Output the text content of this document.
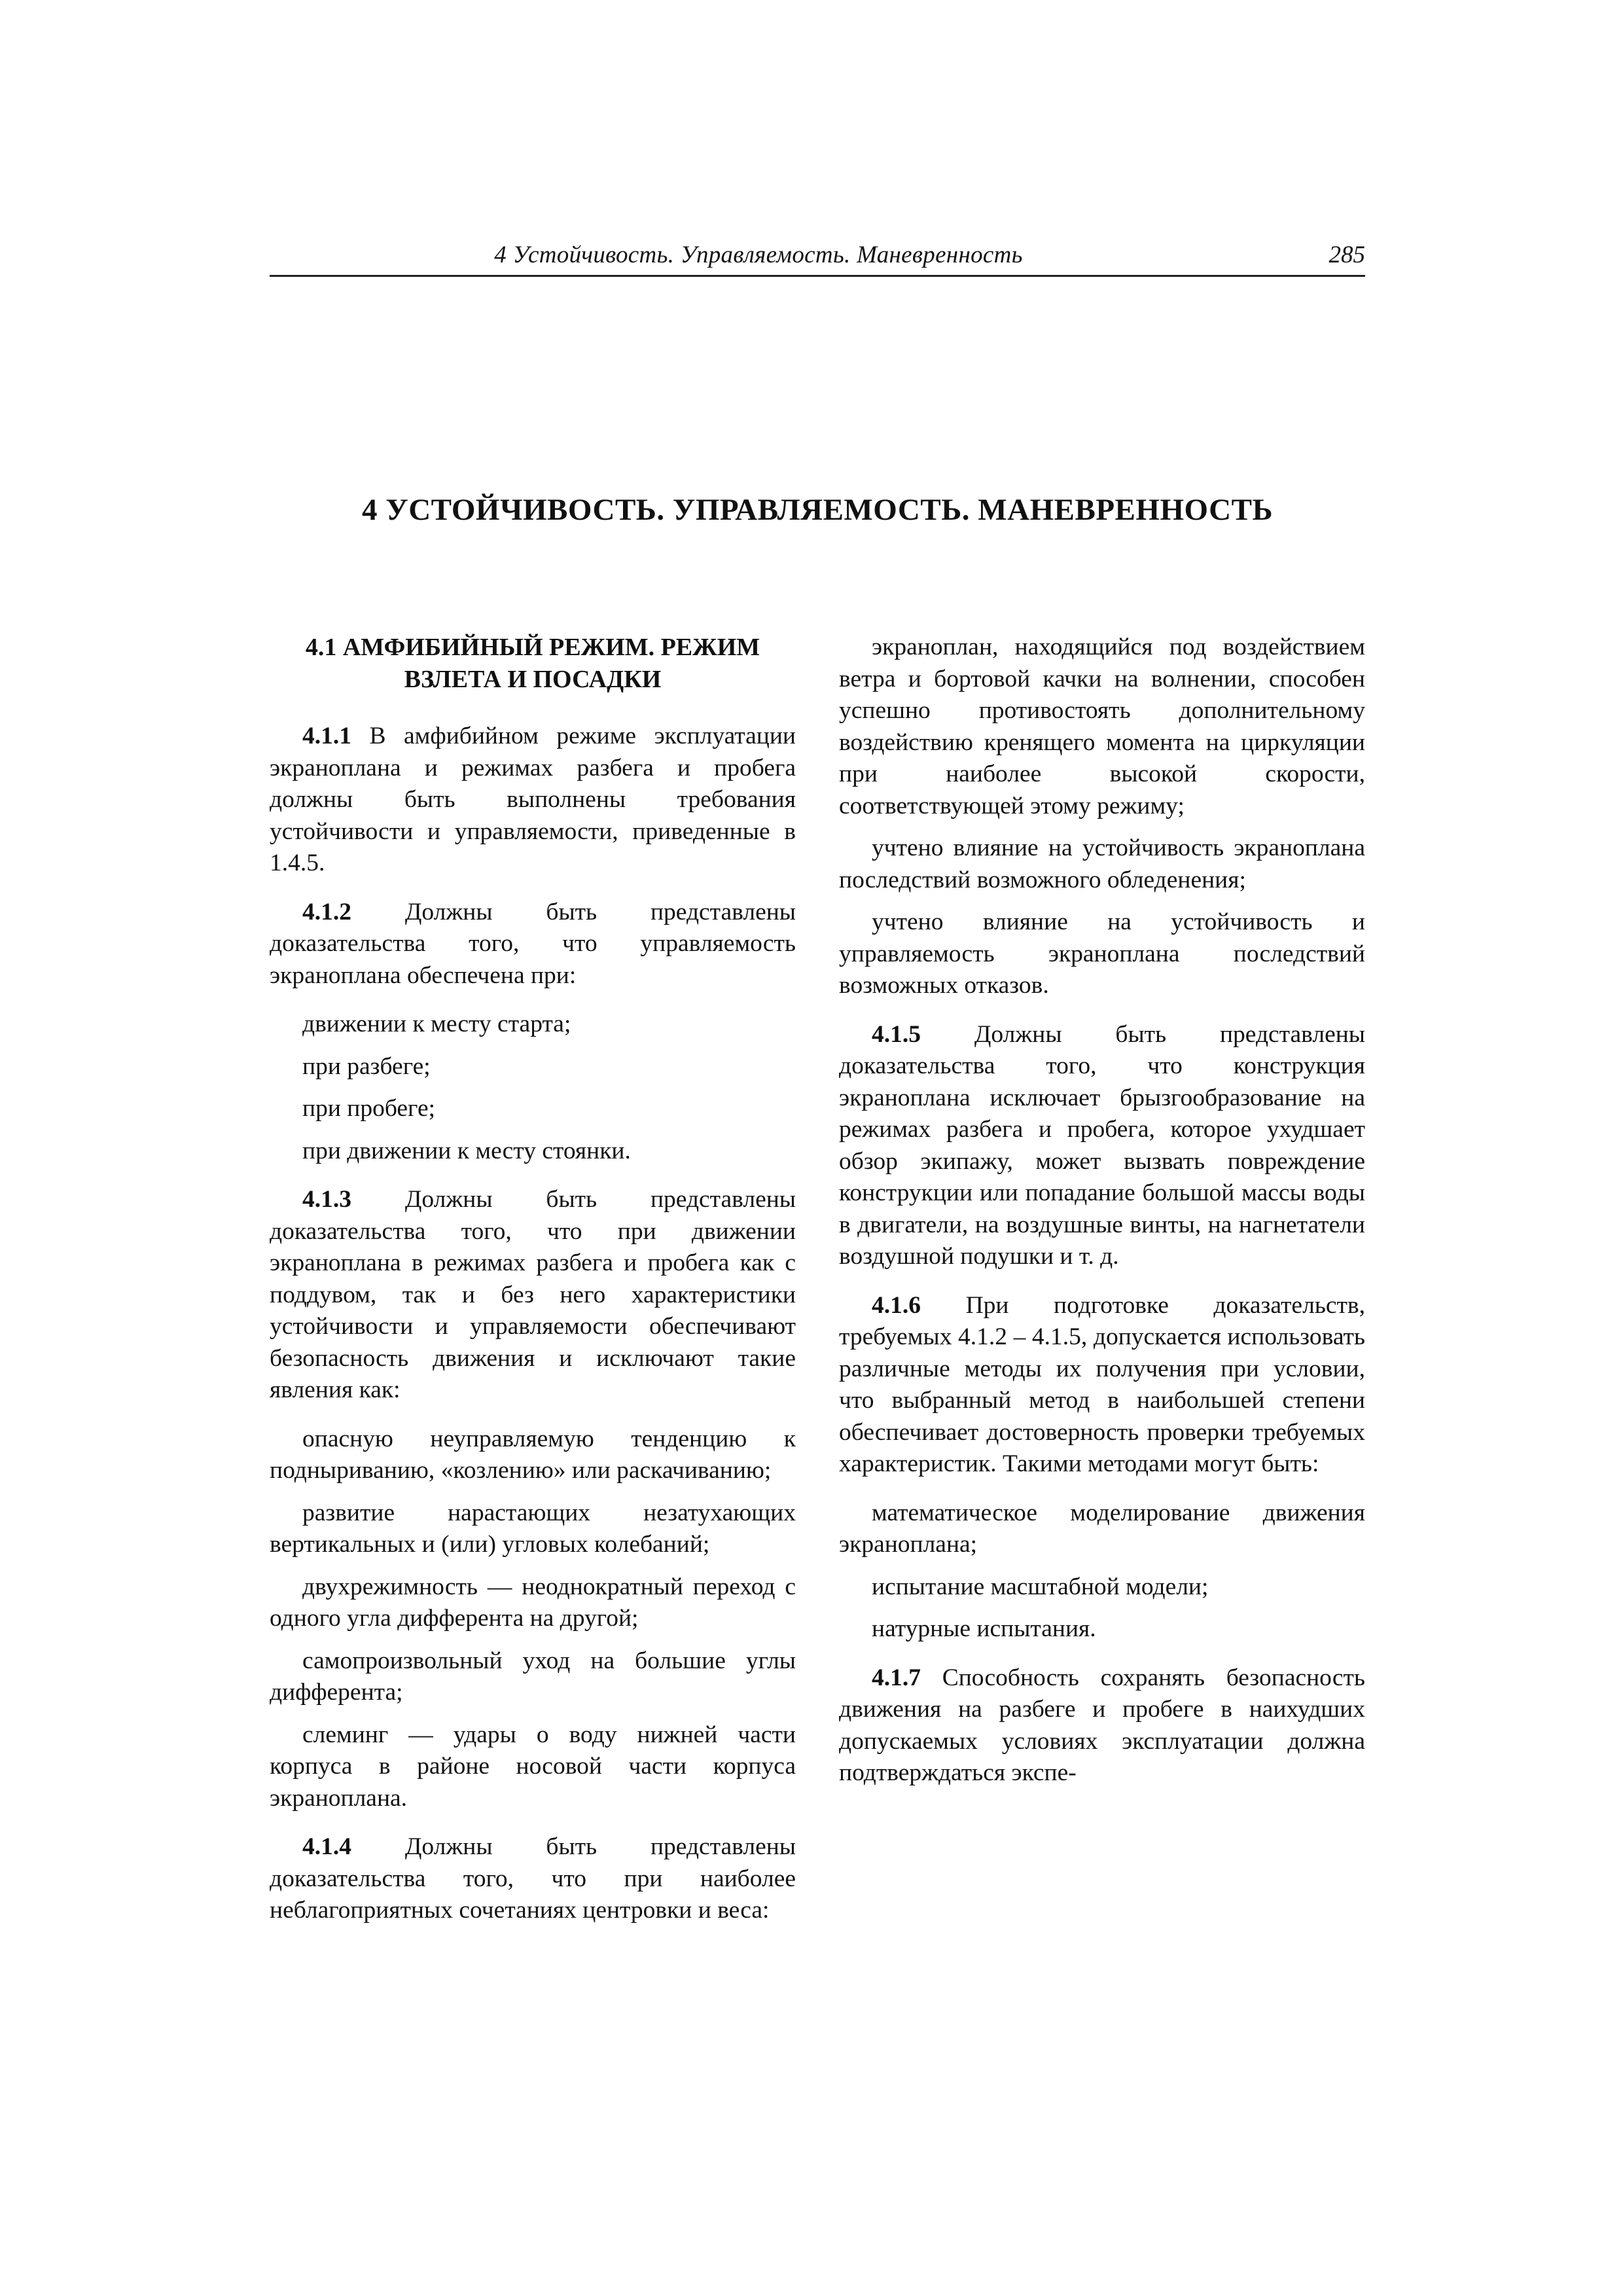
4 Устойчивость. Управляемость. Маневренность	285
4 УСТОЙЧИВОСТЬ. УПРАВЛЯЕМОСТЬ. МАНЕВРЕННОСТЬ
4.1 АМФИБИЙНЫЙ РЕЖИМ. РЕЖИМ ВЗЛЕТА И ПОСАДКИ

4.1.1 В амфибийном режиме эксплуатации экраноплана и режимах разбега и пробега должны быть выполнены требования устойчивости и управляемости, приведенные в 1.4.5.

4.1.2 Должны быть представлены доказательства того, что управляемость экраноплана обеспечена при:

движении к месту старта;

при разбеге;

при пробеге;

при движении к месту стоянки.

4.1.3 Должны быть представлены доказательства того, что при движении экраноплана в режимах разбега и пробега как с поддувом, так и без него характеристики устойчивости и управляемости обеспечивают безопасность движения и исключают такие явления как:

опасную неуправляемую тенденцию к подныриванию, «козлению» или раскачиванию;

развитие нарастающих незатухающих вертикальных и (или) угловых колебаний;

двухрежимность — неоднократный переход с одного угла дифферента на другой;

самопроизвольный уход на большие углы дифферента;

слеминг — удары о воду нижней части корпуса в районе носовой части корпуса экраноплана.

4.1.4 Должны быть представлены доказательства того, что при наиболее неблагоприятных сочетаниях центровки и веса:

экраноплан, находящийся под воздействием ветра и бортовой качки на волнении, способен успешно противостоять дополнительному воздействию кренящего момента на циркуляции при наиболее высокой скорости, соответствующей этому режиму;

учтено влияние на устойчивость экраноплана последствий возможного обледенения;

учтено влияние на устойчивость и управляемость экраноплана последствий возможных отказов.

4.1.5 Должны быть представлены доказательства того, что конструкция экраноплана исключает брызгообразование на режимах разбега и пробега, которое ухудшает обзор экипажу, может вызвать повреждение конструкции или попадание большой массы воды в двигатели, на воздушные винты, на нагнетатели воздушной подушки и т. д.

4.1.6 При подготовке доказательств, требуемых 4.1.2 – 4.1.5, допускается использовать различные методы их получения при условии, что выбранный метод в наибольшей степени обеспечивает достоверность проверки требуемых характеристик. Такими методами могут быть:

математическое моделирование движения экраноплана;

испытание масштабной модели;

натурные испытания.

4.1.7 Способность сохранять безопасность движения на разбеге и пробеге в наихудших допускаемых условиях эксплуатации должна подтверждаться экспе-
